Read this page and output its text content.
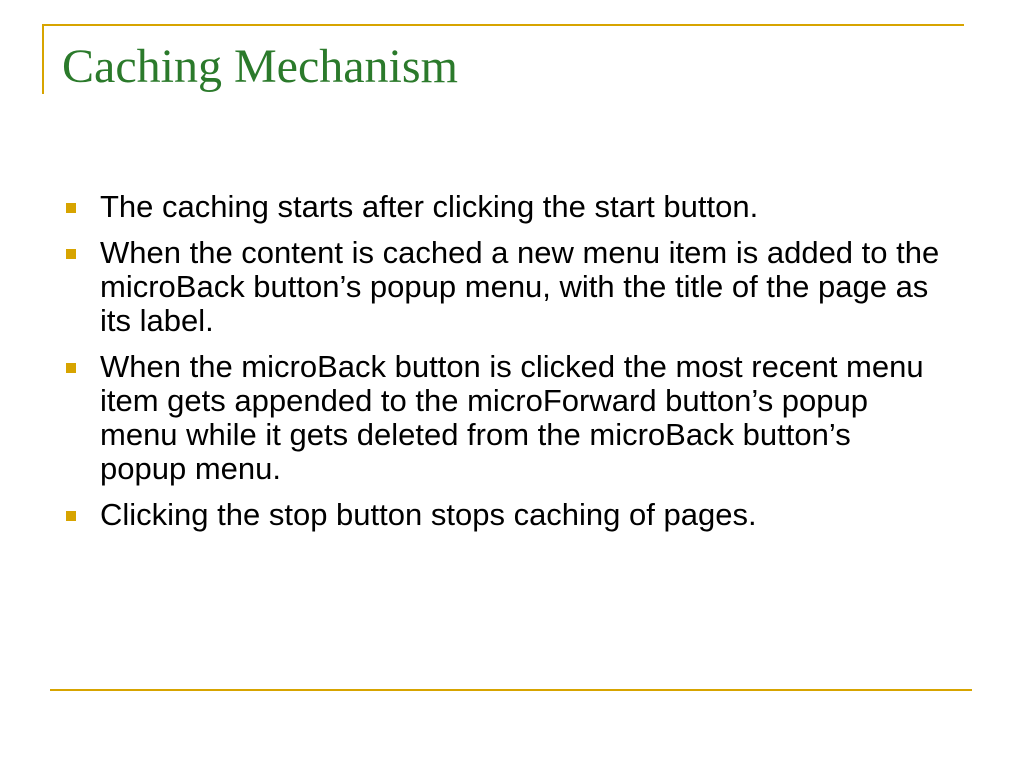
Caching Mechanism
The caching starts after clicking the start button.
When the content is cached a new menu item is added to the microBack button’s popup menu, with the title of the page as its label.
When the microBack button is clicked the most recent menu item gets appended to the microForward button’s popup menu while it gets deleted from the microBack button’s popup menu.
Clicking the stop button stops caching of pages.
